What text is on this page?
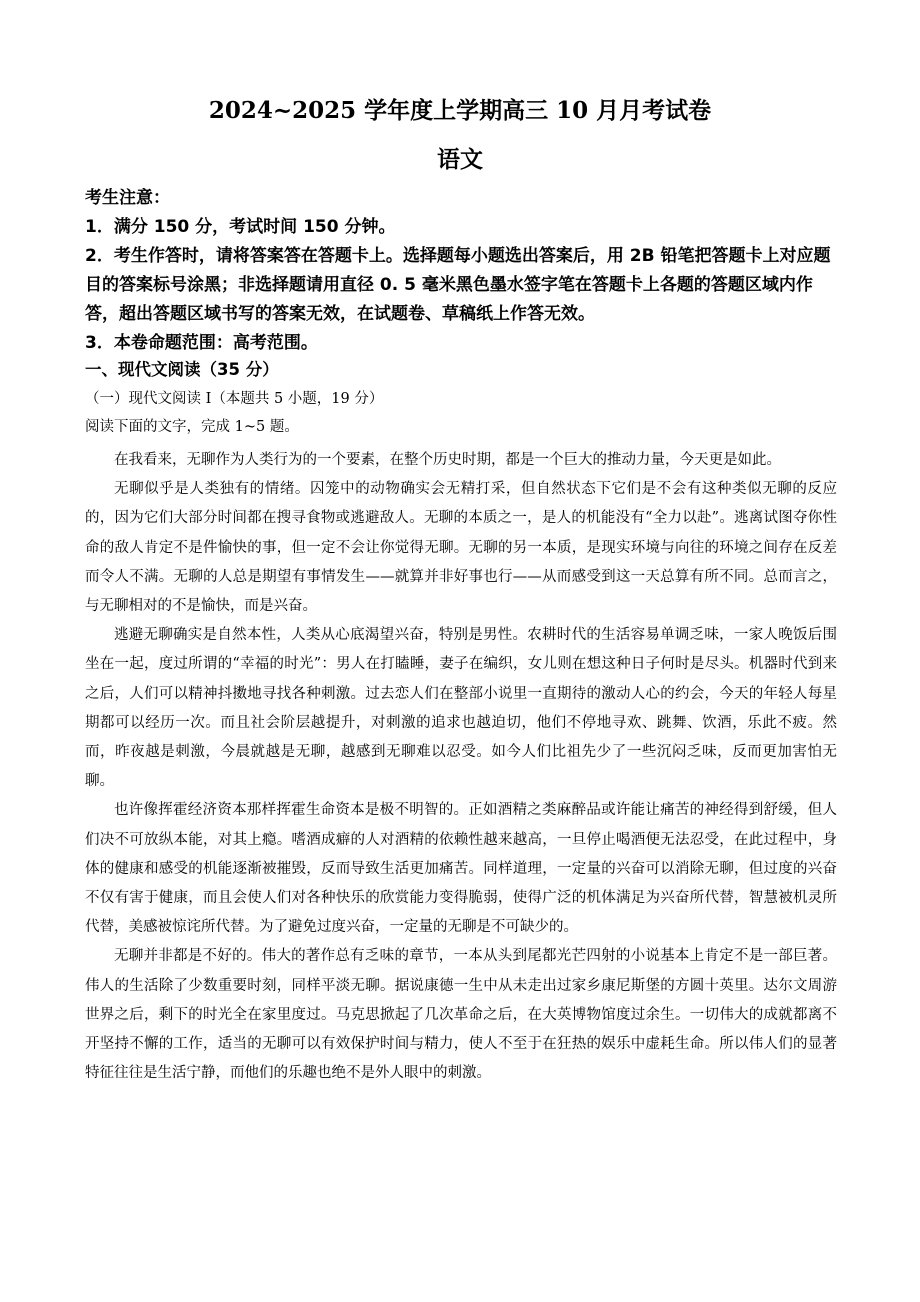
2024~2025 学年度上学期高三 10 月月考试卷
语文

考生注意：

1．满分 150 分，考试时间 150 分钟。

2．考生作答时，请将答案答在答题卡上。选择题每小题选出答案后，用 2B 铅笔把答题卡上对应题目的答案标号涂黑；非选择题请用直径 0. 5 毫米黑色墨水签字笔在答题卡上各题的答题区域内作答，超出答题区域书写的答案无效，在试题卷、草稿纸上作答无效。

3．本卷命题范围：高考范围。

一、现代文阅读（35 分）
（一）现代文阅读 I（本题共 5 小题，19 分）
阅读下面的文字，完成 1~5 题。

在我看来，无聊作为人类行为的一个要素，在整个历史时期，都是一个巨大的推动力量，今天更是如此。

无聊似乎是人类独有的情绪。囚笼中的动物确实会无精打采，但自然状态下它们是不会有这种类似无聊的反应的，因为它们大部分时间都在搜寻食物或逃避敌人。无聊的本质之一，是人的机能没有“全力以赴”。逃离试图夺你性命的敌人肯定不是件愉快的事，但一定不会让你觉得无聊。无聊的另一本质，是现实环境与向往的环境之间存在反差而令人不满。无聊的人总是期望有事情发生——就算并非好事也行——从而感受到这一天总算有所不同。总而言之，与无聊相对的不是愉快，而是兴奋。

逃避无聊确实是自然本性，人类从心底渴望兴奋，特别是男性。农耕时代的生活容易单调乏味，一家人晚饭后围坐在一起，度过所谓的“幸福的时光”：男人在打瞌睡，妻子在编织，女儿则在想这种日子何时是尽头。机器时代到来之后，人们可以精神抖擞地寻找各种刺激。过去恋人们在整部小说里一直期待的激动人心的约会，今天的年轻人每星期都可以经历一次。而且社会阶层越提升，对刺激的追求也越迫切，他们不停地寻欢、跳舞、饮酒，乐此不疲。然而，昨夜越是刺激，今晨就越是无聊，越感到无聊难以忍受。如今人们比祖先少了一些沉闷乏味，反而更加害怕无聊。

也许像挥霍经济资本那样挥霍生命资本是极不明智的。正如酒精之类麻醉品或许能让痛苦的神经得到舒缓，但人们决不可放纵本能，对其上瘾。嗜酒成癖的人对酒精的依赖性越来越高，一旦停止喝酒便无法忍受，在此过程中，身体的健康和感受的机能逐渐被摧毁，反而导致生活更加痛苦。同样道理，一定量的兴奋可以消除无聊，但过度的兴奋不仅有害于健康，而且会使人们对各种快乐的欣赏能力变得脆弱，使得广泛的机体满足为兴奋所代替，智慧被机灵所代替，美感被惊诧所代替。为了避免过度兴奋，一定量的无聊是不可缺少的。

无聊并非都是不好的。伟大的著作总有乏味的章节，一本从头到尾都光芒四射的小说基本上肯定不是一部巨著。伟人的生活除了少数重要时刻，同样平淡无聊。据说康德一生中从未走出过家乡康尼斯堡的方圆十英里。达尔文周游世界之后，剩下的时光全在家里度过。马克思掀起了几次革命之后，在大英博物馆度过余生。一切伟大的成就都离不开坚持不懈的工作，适当的无聊可以有效保护时间与精力，使人不至于在狂热的娱乐中虚耗生命。所以伟人们的显著特征往往是生活宁静，而他们的乐趣也绝不是外人眼中的刺激。
